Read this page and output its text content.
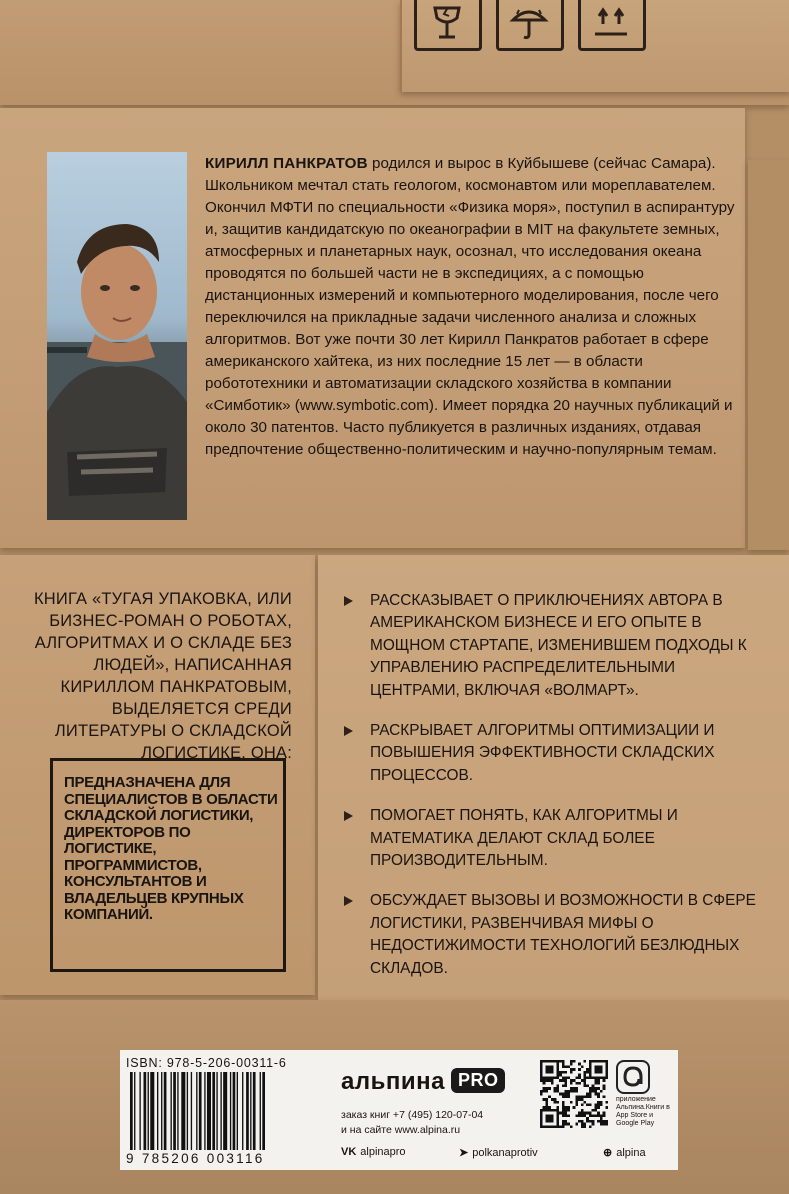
КИРИЛЛ ПАНКРАТОВ родился и вырос в Куйбышеве (сейчас Самара). Школьником мечтал стать геологом, космонавтом или мореплавателем. Окончил МФТИ по специальности «Физика моря», поступил в аспирантуру и, защитив кандидатскую по океанографии в MIT на факультете земных, атмосферных и планетарных наук, осознал, что исследования океана проводятся по большей части не в экспедициях, а с помощью дистанционных измерений и компьютерного моделирования, после чего переключился на прикладные задачи численного анализа и сложных алгоритмов. Вот уже почти 30 лет Кирилл Панкратов работает в сфере американского хайтека, из них последние 15 лет — в области робототехники и автоматизации складского хозяйства в компании «Симботик» (www.symbotic.com). Имеет порядка 20 научных публикаций и около 30 патентов. Часто публикуется в различных изданиях, отдавая предпочтение общественно-политическим и научно-популярным темам.

КНИГА «ТУГАЯ УПАКОВКА, ИЛИ БИЗНЕС-РОМАН О РОБОТАХ, АЛГОРИТМАХ И О СКЛАДЕ БЕЗ ЛЮДЕЙ», НАПИСАННАЯ КИРИЛЛОМ ПАНКРАТОВЫМ, ВЫДЕЛЯЕТСЯ СРЕДИ ЛИТЕРАТУРЫ О СКЛАДСКОЙ ЛОГИСТИКЕ. ОНА:

ПРЕДНАЗНАЧЕНА ДЛЯ СПЕЦИАЛИСТОВ В ОБЛАСТИ СКЛАДСКОЙ ЛОГИСТИКИ, ДИРЕКТОРОВ ПО ЛОГИСТИКЕ, ПРОГРАММИСТОВ, КОНСУЛЬТАНТОВ И ВЛАДЕЛЬЦЕВ КРУПНЫХ КОМПАНИЙ.

РАССКАЗЫВАЕТ О ПРИКЛЮЧЕНИЯХ АВТОРА В АМЕРИКАНСКОМ БИЗНЕСЕ И ЕГО ОПЫТЕ В МОЩНОМ СТАРТАПЕ, ИЗМЕНИВШЕМ ПОДХОДЫ К УПРАВЛЕНИЮ РАСПРЕДЕЛИТЕЛЬНЫМИ ЦЕНТРАМИ, ВКЛЮЧАЯ «ВОЛМАРТ».
РАСКРЫВАЕТ АЛГОРИТМЫ ОПТИМИЗАЦИИ И ПОВЫШЕНИЯ ЭФФЕКТИВНОСТИ СКЛАДСКИХ ПРОЦЕССОВ.
ПОМОГАЕТ ПОНЯТЬ, КАК АЛГОРИТМЫ И МАТЕМАТИКА ДЕЛАЮТ СКЛАД БОЛЕЕ ПРОИЗВОДИТЕЛЬНЫМ.
ОБСУЖДАЕТ ВЫЗОВЫ И ВОЗМОЖНОСТИ В СФЕРЕ ЛОГИСТИКИ, РАЗВЕНЧИВАЯ МИФЫ О НЕДОСТИЖИМОСТИ ТЕХНОЛОГИЙ БЕЗЛЮДНЫХ СКЛАДОВ.
ISBN: 978-5-206-00311-6
9 785206 003116
альпина PRO
заказ книг +7 (495) 120-07-04
и на сайте www.alpina.ru
VK alpinapro	➤ polkanaprotiv	⊕ alpina
приложение Альпина.Книги в App Store и Google Play
